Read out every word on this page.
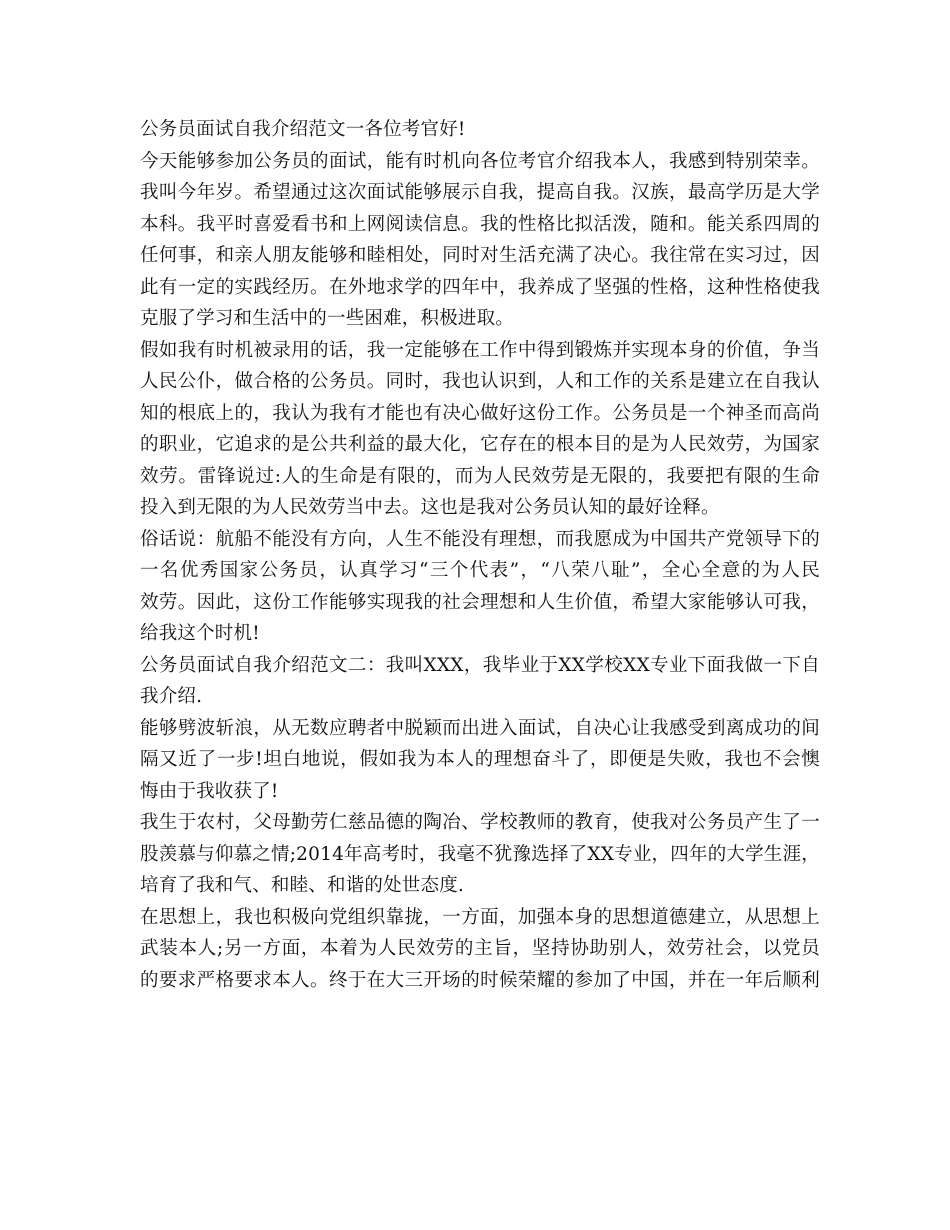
公务员面试自我介绍范文一各位考官好!
今天能够参加公务员的面试，能有时机向各位考官介绍我本人，我感到特别荣幸。
我叫今年岁。希望通过这次面试能够展示自我，提高自我。汉族，最高学历是大学
本科。我平时喜爱看书和上网阅读信息。我的性格比拟活泼，随和。能关系四周的
任何事，和亲人朋友能够和睦相处，同时对生活充满了决心。我往常在实习过，因
此有一定的实践经历。在外地求学的四年中，我养成了坚强的性格，这种性格使我
克服了学习和生活中的一些困难，积极进取。
假如我有时机被录用的话，我一定能够在工作中得到锻炼并实现本身的价值，争当
人民公仆，做合格的公务员。同时，我也认识到，人和工作的关系是建立在自我认
知的根底上的，我认为我有才能也有决心做好这份工作。公务员是一个神圣而高尚
的职业，它追求的是公共利益的最大化，它存在的根本目的是为人民效劳，为国家
效劳。雷锋说过:人的生命是有限的，而为人民效劳是无限的，我要把有限的生命
投入到无限的为人民效劳当中去。这也是我对公务员认知的最好诠释。
俗话说：航船不能没有方向，人生不能没有理想，而我愿成为中国共产党领导下的
一名优秀国家公务员，认真学习“三个代表”，“八荣八耻”，全心全意的为人民
效劳。因此，这份工作能够实现我的社会理想和人生价值，希望大家能够认可我，
给我这个时机!
公务员面试自我介绍范文二：我叫XXX，我毕业于XX学校XX专业下面我做一下自
我介绍.
能够劈波斩浪，从无数应聘者中脱颖而出进入面试，自决心让我感受到离成功的间
隔又近了一步!坦白地说，假如我为本人的理想奋斗了，即便是失败，我也不会懊
悔由于我收获了!
我生于农村，父母勤劳仁慈品德的陶冶、学校教师的教育，使我对公务员产生了一
股羡慕与仰慕之情;2014年高考时，我毫不犹豫选择了XX专业，四年的大学生涯，
培育了我和气、和睦、和谐的处世态度.
在思想上，我也积极向党组织靠拢，一方面，加强本身的思想道德建立，从思想上
武装本人;另一方面，本着为人民效劳的主旨，坚持协助别人，效劳社会，以党员
的要求严格要求本人。终于在大三开场的时候荣耀的参加了中国，并在一年后顺利
